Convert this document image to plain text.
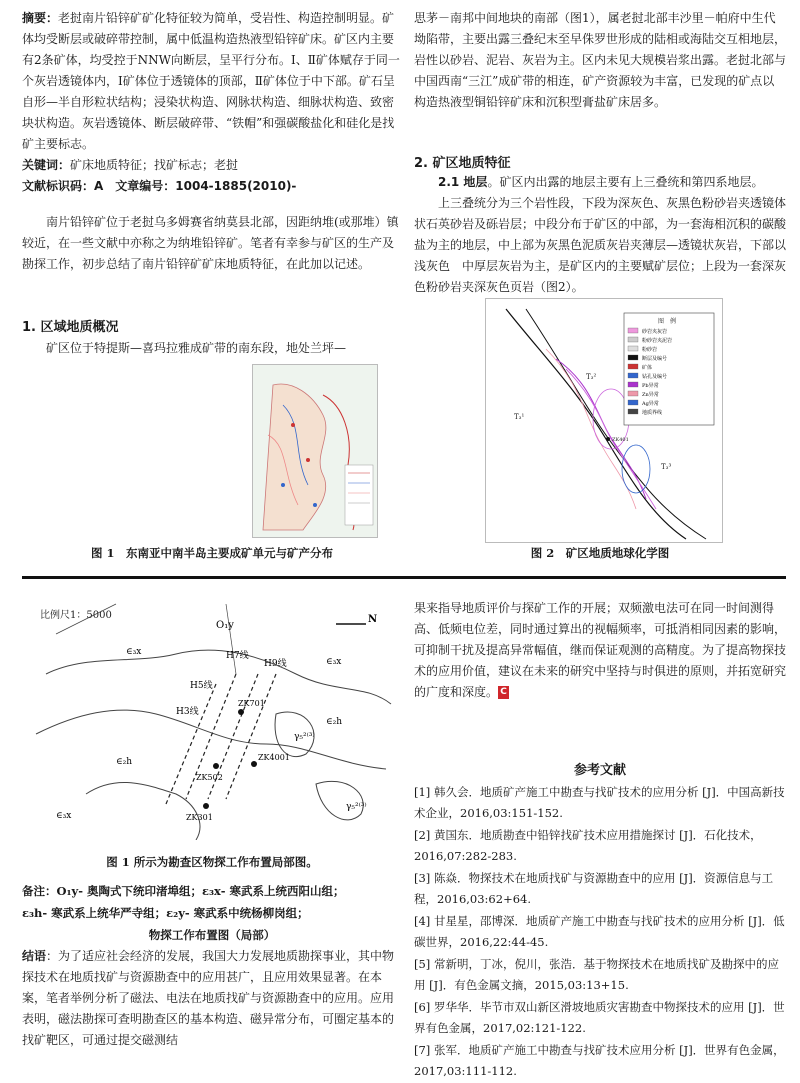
摘要：老挝南片铅锌矿矿化特征较为简单，受岩性、构造控制明显。矿体均受断层或破碎带控制，属中低温构造热液型铅锌矿床。矿区内主要有2条矿体，均受控于NNW向断层，呈平行分布。Ⅰ、Ⅱ矿体赋存于同一个灰岩透镜体内，Ⅰ矿体位于透镜体的顶部，Ⅱ矿体位于中下部。矿石呈自形—半自形粒状结构；浸染状构造、网脉状构造、细脉状构造、致密块状构造。灰岩透镜体、断层破碎带、“铁帽”和强碳酸盐化和硅化是找矿主要标志。

关键词：矿床地质特征；找矿标志；老挝

文献标识码：A　文章编号：1004-1885(2010)-

南片铅锌矿位于老挝乌多姆赛省纳莫县北部，因距纳堆(或那堆）镇较近，在一些文献中亦称之为纳堆铅锌矿。笔者有幸参与矿区的生产及勘探工作，初步总结了南片铅锌矿矿床地质特征，在此加以记述。

1. 区域地质概况

矿区位于特提斯—喜玛拉雅成矿带的南东段，地处兰坪—

图 1　东南亚中南半岛主要成矿单元与矿产分布

思茅－南邦中间地块的南部（图1），属老挝北部丰沙里－帕府中生代坳陷带，主要出露三叠纪末至早侏罗世形成的陆相或海陆交互相地层，岩性以砂岩、泥岩、灰岩为主。区内未见大规模岩浆出露。老挝北部与中国西南“三江”成矿带的相连，矿产资源较为丰富，已发现的矿点以构造热液型铜铅锌矿床和沉积型膏盐矿床居多。

2. 矿区地质特征

2.1 地层。矿区内出露的地层主要有上三叠统和第四系地层。

上三叠统分为三个岩性段，下段为深灰色、灰黑色粉砂岩夹透镜体状石英砂岩及砾岩层；中段分布于矿区的中部，为一套海相沉积的碳酸盐为主的地层，中上部为灰黑色泥质灰岩夹薄层—透镜状灰岩，下部以浅灰色　中厚层灰岩为主，是矿区内的主要赋矿层位；上段为一套深灰色粉砂岩夹深灰色页岩（图2）。

图　例
砂岩夹灰岩
粉砂岩夹泥岩
粉砂岩
断层及编号
矿体
钻孔及编号
Pb异常
Zn异常
Ag异常
地质界线
T₃¹
T₃²
T₃³
ZK401
图 2　矿区地质地球化学图
比例尺1：5000
O₁y
∈₃x
∈₃x
∈₂h
∈₃x
∈₂h
γ₅²⁽³⁾
γ₅²⁽³⁾
H7线
H9线
H5线
H3线
ZK701
ZK502
ZK4001
ZK301
N
图 1 所示为勘查区物探工作布置局部图。
备注：O₁y- 奥陶式下统印渚埠组；ε₃x- 寒武系上统西阳山组；
ε₃h- 寒武系上统华严寺组；ε₂y- 寒武系中统杨柳岗组；
物探工作布置图（局部）

结语：为了适应社会经济的发展，我国大力发展地质勘探事业，其中物探技术在地质找矿与资源勘查中的应用甚广，且应用效果显著。在本案，笔者举例分析了磁法、电法在地质找矿与资源勘查中的应用。应用表明，磁法勘探可查明勘查区的基本构造、磁异常分布，可圈定基本的找矿靶区，可通过提交磁测结

果来指导地质评价与探矿工作的开展；双频激电法可在同一时间测得高、低频电位差，同时通过算出的视幅频率，可抵消相同因素的影响，可抑制干扰及提高异常幅值，继而保证观测的高精度。为了提高物探技术的应用价值，建议在未来的研究中坚持与时俱进的原则，并拓宽研究的广度和深度。 C

参考文献
[1] 韩久会．地质矿产施工中勘查与找矿技术的应用分析 [J]．中国高新技术企业，2016,03:151-152.
[2] 黄国东．地质勘查中铅锌找矿技术应用措施探讨 [J]．石化技术，2016,07:282-283.
[3] 陈焱．物探技术在地质找矿与资源勘查中的应用 [J]．资源信息与工程，2016,03:62+64.
[4] 甘星星，邵博深．地质矿产施工中勘查与找矿技术的应用分析 [J]．低碳世界，2016,22:44-45.
[5] 常新明，丁冰，倪川，张浩．基于物探技术在地质找矿及勘探中的应用 [J]．有色金属文摘，2015,03:13+15.
[6] 罗华华．毕节市双山新区滑坡地质灾害勘查中物探技术的应用 [J]．世界有色金属，2017,02:121-122.
[7] 张军．地质矿产施工中勘查与找矿技术应用分析 [J]．世界有色金属，2017,03:111-112.
